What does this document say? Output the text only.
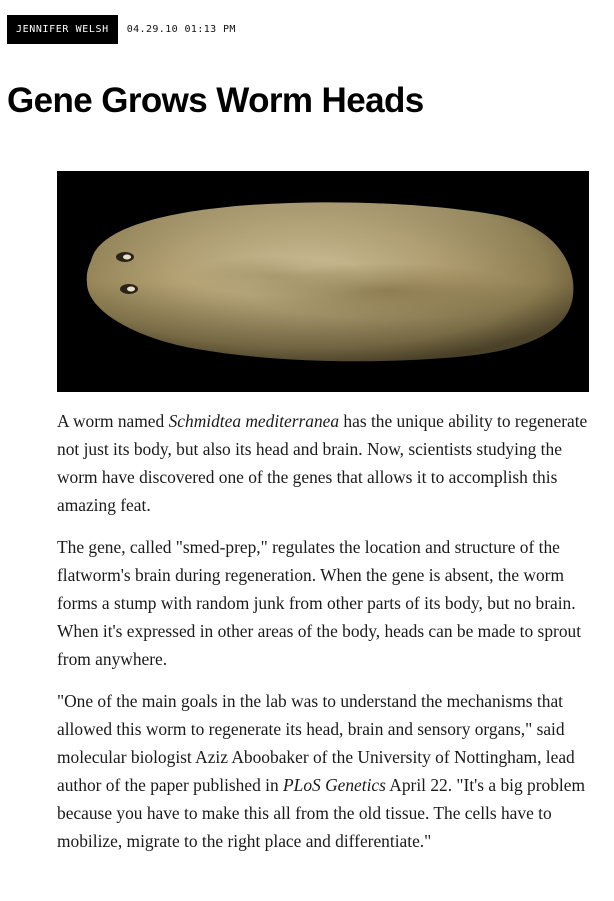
JENNIFER WELSH	04.29.10 01:13 PM
Gene Grows Worm Heads

A worm named Schmidtea mediterranea has the unique ability to regenerate not just its body, but also its head and brain. Now, scientists studying the worm have discovered one of the genes that allows it to accomplish this amazing feat.

The gene, called "smed-prep," regulates the location and structure of the flatworm's brain during regeneration. When the gene is absent, the worm forms a stump with random junk from other parts of its body, but no brain. When it's expressed in other areas of the body, heads can be made to sprout from anywhere.

"One of the main goals in the lab was to understand the mechanisms that allowed this worm to regenerate its head, brain and sensory organs," said molecular biologist Aziz Aboobaker of the University of Nottingham, lead author of the paper published in PLoS Genetics April 22. "It's a big problem because you have to make this all from the old tissue. The cells have to mobilize, migrate to the right place and differentiate."
